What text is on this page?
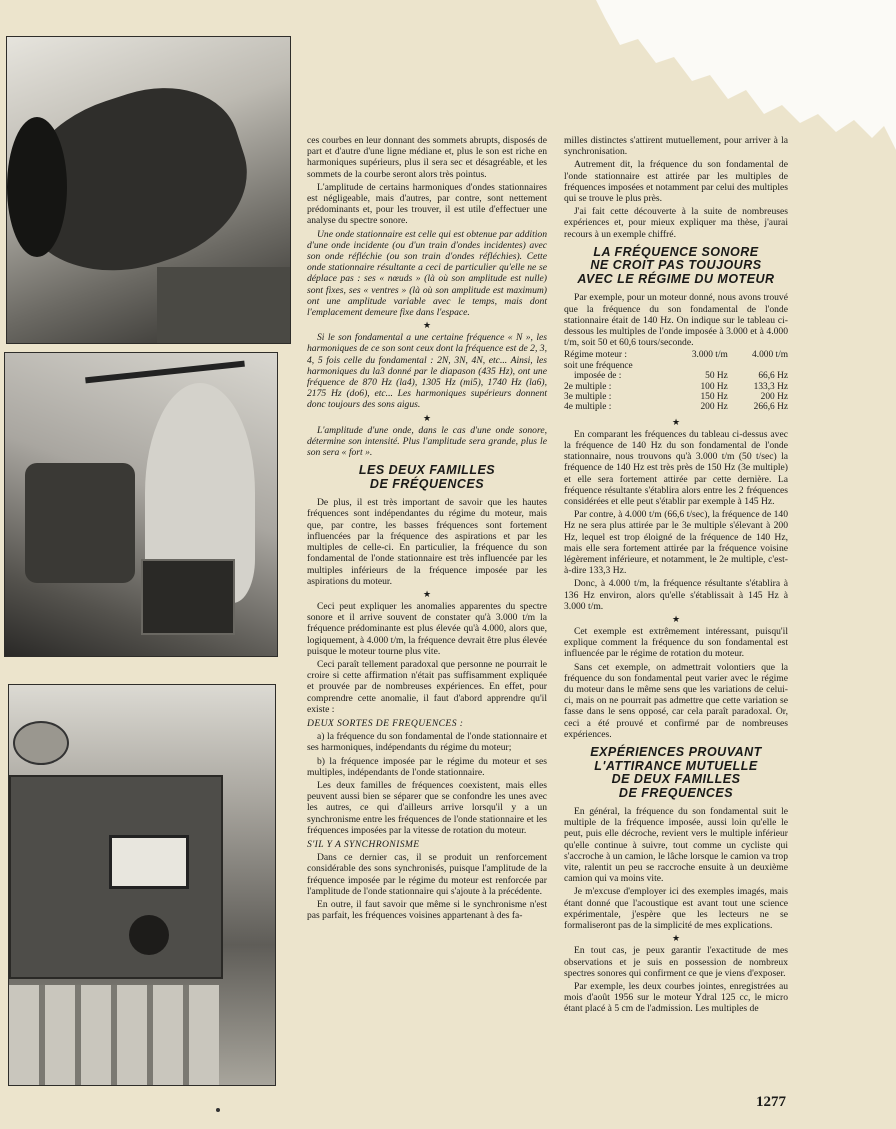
ces courbes en leur donnant des sommets abrupts, disposés de part et d'autre d'une ligne médiane et, plus le son est riche en harmoniques supérieurs, plus il sera sec et désagréable, et les sommets de la courbe seront alors très pointus.

L'amplitude de certains harmoniques d'ondes stationnaires est négligeable, mais d'autres, par contre, sont nettement prédominants et, pour les trouver, il est utile d'effectuer une analyse du spectre sonore.

Une onde stationnaire est celle qui est obtenue par addition d'une onde incidente (ou d'un train d'ondes incidentes) avec son onde réfléchie (ou son train d'ondes réfléchies). Cette onde stationnaire résultante a ceci de particulier qu'elle ne se déplace pas : ses « nœuds » (là où son amplitude est nulle) sont fixes, ses « ventres » (là où son amplitude est maximum) ont une amplitude variable avec le temps, mais dont l'emplacement demeure fixe dans l'espace.

★

Si le son fondamental a une certaine fréquence « N », les harmoniques de ce son sont ceux dont la fréquence est de 2, 3, 4, 5 fois celle du fondamental : 2N, 3N, 4N, etc... Ainsi, les harmoniques du la3 donné par le diapason (435 Hz), ont une fréquence de 870 Hz (la4), 1305 Hz (mi5), 1740 Hz (la6), 2175 Hz (do6), etc... Les harmoniques supérieurs donnent donc toujours des sons aigus.

★

L'amplitude d'une onde, dans le cas d'une onde sonore, détermine son intensité. Plus l'amplitude sera grande, plus le son sera « fort ».

LES DEUX FAMILLES
DE FRÉQUENCES

De plus, il est très important de savoir que les hautes fréquences sont indépendantes du régime du moteur, mais que, par contre, les basses fréquences sont fortement influencées par la fréquence des aspirations et par les multiples de celle-ci. En particulier, la fréquence du son fondamental de l'onde stationnaire est très influencée par les multiples inférieurs de la fréquence imposée par les aspirations du moteur.

★

Ceci peut expliquer les anomalies apparentes du spectre sonore et il arrive souvent de constater qu'à 3.000 t/m la fréquence prédominante est plus élevée qu'à 4.000, alors que, logiquement, à 4.000 t/m, la fréquence devrait être plus élevée puisque le moteur tourne plus vite.

Ceci paraît tellement paradoxal que personne ne pourrait le croire si cette affirmation n'était pas suffisamment expliquée et prouvée par de nombreuses expériences. En effet, pour comprendre cette anomalie, il faut d'abord apprendre qu'il existe :

DEUX SORTES DE FREQUENCES :

a) la fréquence du son fondamental de l'onde stationnaire et ses harmoniques, indépendants du régime du moteur;

b) la fréquence imposée par le régime du moteur et ses multiples, indépendants de l'onde stationnaire.

Les deux familles de fréquences coexistent, mais elles peuvent aussi bien se séparer que se confondre les unes avec les autres, ce qui d'ailleurs arrive lorsqu'il y a un synchronisme entre les fréquences de l'onde stationnaire et les fréquences imposées par la vitesse de rotation du moteur.

S'IL Y A SYNCHRONISME

Dans ce dernier cas, il se produit un renforcement considérable des sons synchronisés, puisque l'amplitude de la fréquence imposée par le régime du moteur est renforcée par l'amplitude de l'onde stationnaire qui s'ajoute à la précédente.

En outre, il faut savoir que même si le synchronisme n'est pas parfait, les fréquences voisines appartenant à des fa-

milles distinctes s'attirent mutuellement, pour arriver à la synchronisation.

Autrement dit, la fréquence du son fondamental de l'onde stationnaire est attirée par les multiples de fréquences imposées et notamment par celui des multiples qui se trouve le plus près.

J'ai fait cette découverte à la suite de nombreuses expériences et, pour mieux expliquer ma thèse, j'aurai recours à un exemple chiffré.

LA FRÉQUENCE SONORE
NE CROIT PAS TOUJOURS
AVEC LE RÉGIME DU MOTEUR

Par exemple, pour un moteur donné, nous avons trouvé que la fréquence du son fondamental de l'onde stationnaire était de 140 Hz. On indique sur le tableau ci-dessous les multiples de l'onde imposée à 3.000 et à 4.000 t/m, soit 50 et 60,6 tours/seconde.

Régime moteur :	3.000 t/m	4.000 t/m
soit une fréquence		
imposée de :	50 Hz	66,6 Hz
2e multiple :	100 Hz	133,3 Hz
3e multiple :	150 Hz	200 Hz
4e multiple :	200 Hz	266,6 Hz
★

En comparant les fréquences du tableau ci-dessus avec la fréquence de 140 Hz du son fondamental de l'onde stationnaire, nous trouvons qu'à 3.000 t/m (50 t/sec) la fréquence de 140 Hz est très près de 150 Hz (3e multiple) et elle sera fortement attirée par cette dernière. La fréquence résultante s'établira alors entre les 2 fréquences considérées et elle peut s'établir par exemple à 145 Hz.

Par contre, à 4.000 t/m (66,6 t/sec), la fréquence de 140 Hz ne sera plus attirée par le 3e multiple s'élevant à 200 Hz, lequel est trop éloigné de la fréquence de 140 Hz, mais elle sera fortement attirée par la fréquence voisine légèrement inférieure, et notamment, le 2e multiple, c'est-à-dire 133,3 Hz.

Donc, à 4.000 t/m, la fréquence résultante s'établira à 136 Hz environ, alors qu'elle s'établissait à 145 Hz à 3.000 t/m.

★

Cet exemple est extrêmement intéressant, puisqu'il explique comment la fréquence du son fondamental est influencée par le régime de rotation du moteur.

Sans cet exemple, on admettrait volontiers que la fréquence du son fondamental peut varier avec le régime du moteur dans le même sens que les variations de celui-ci, mais on ne pourrait pas admettre que cette variation se fasse dans le sens opposé, car cela paraît paradoxal. Or, ceci a été prouvé et confirmé par de nombreuses expériences.

EXPÉRIENCES PROUVANT
L'ATTIRANCE MUTUELLE
DE DEUX FAMILLES
DE FREQUENCES

En général, la fréquence du son fondamental suit le multiple de la fréquence imposée, aussi loin qu'elle le peut, puis elle décroche, revient vers le multiple inférieur qu'elle continue à suivre, tout comme un cycliste qui s'accroche à un camion, le lâche lorsque le camion va trop vite, ralentit un peu se raccroche ensuite à un deuxième camion qui va moins vite.

Je m'excuse d'employer ici des exemples imagés, mais étant donné que l'acoustique est avant tout une science expérimentale, j'espère que les lecteurs ne se formaliseront pas de la simplicité de mes explications.

★

En tout cas, je peux garantir l'exactitude de mes observations et je suis en possession de nombreux spectres sonores qui confirment ce que je viens d'exposer.

Par exemple, les deux courbes jointes, enregistrées au mois d'août 1956 sur le moteur Ydral 125 cc, le micro étant placé à 5 cm de l'admission. Les multiples de

1277
